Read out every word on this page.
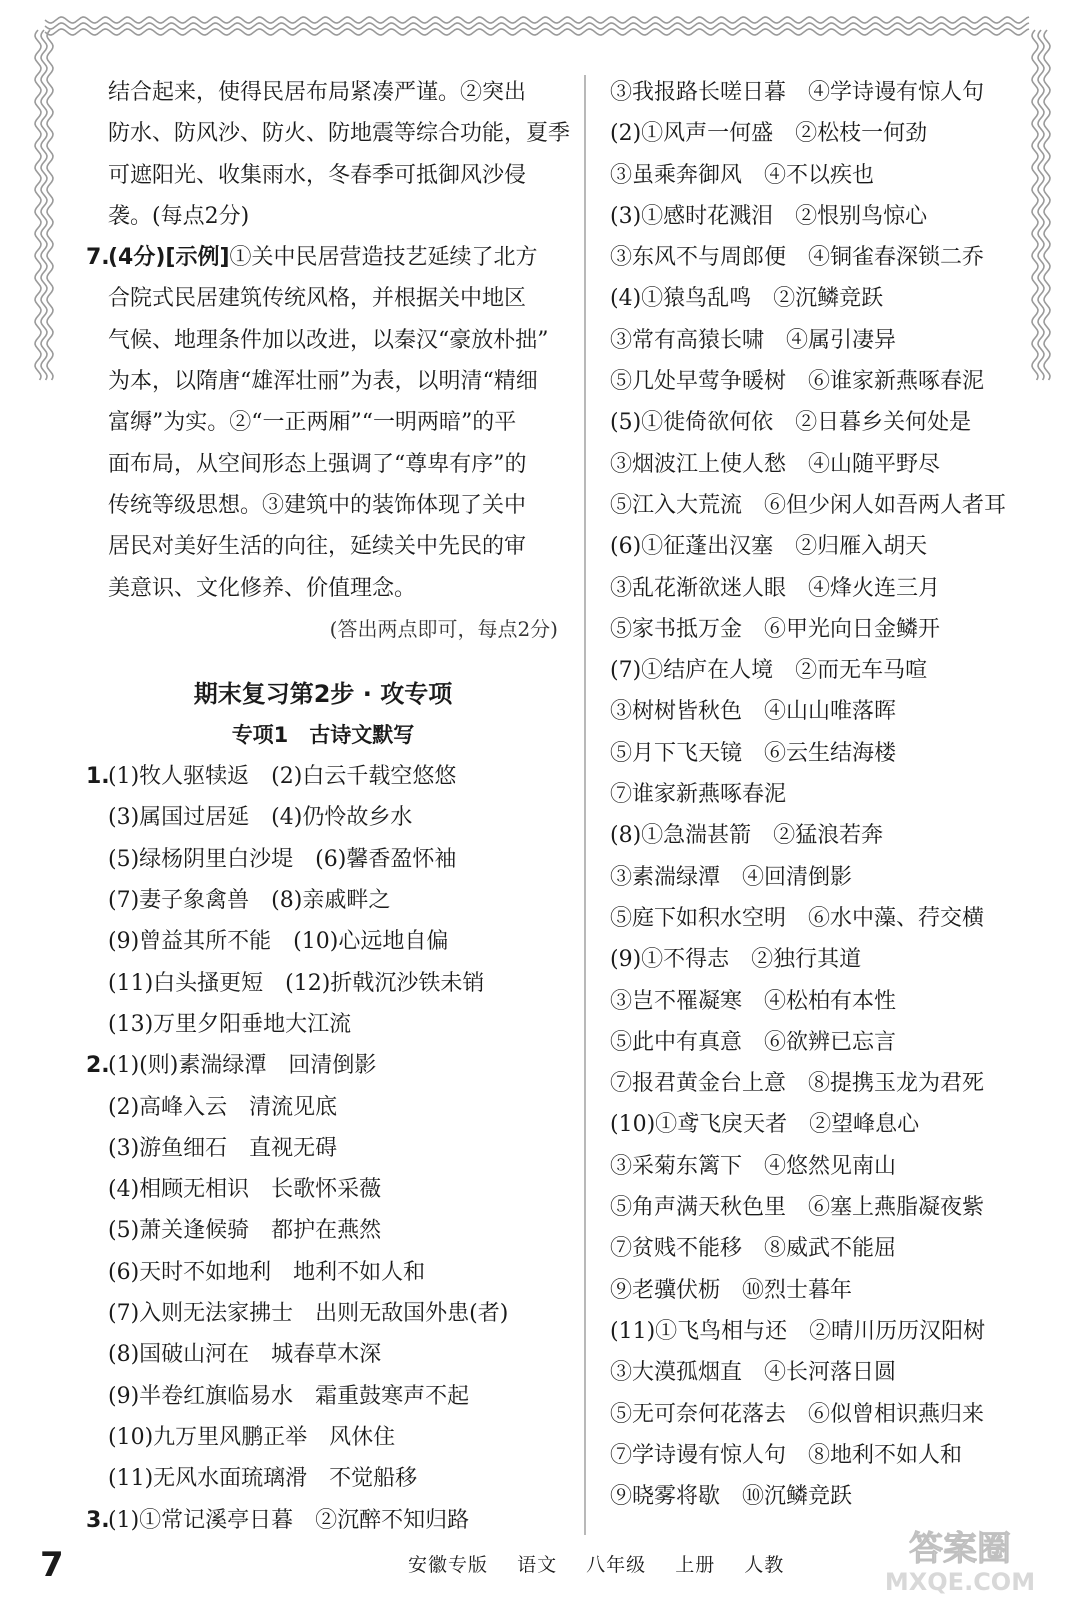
结合起来，使得民居布局紧凑严谨。②突出
防水、防风沙、防火、防地震等综合功能，夏季
可遮阳光、收集雨水，冬春季可抵御风沙侵
袭。(每点2分)
7.(4分)[示例]①关中民居营造技艺延续了北方
合院式民居建筑传统风格，并根据关中地区
气候、地理条件加以改进，以秦汉“豪放朴拙”
为本，以隋唐“雄浑壮丽”为表，以明清“精细
富缛”为实。②“一正两厢”“一明两暗”的平
面布局，从空间形态上强调了“尊卑有序”的
传统等级思想。③建筑中的装饰体现了关中
居民对美好生活的向往，延续关中先民的审
美意识、文化修养、价值理念。
(答出两点即可，每点2分)
期末复习第2步 · 攻专项
专项1　古诗文默写
1.(1)牧人驱犊返　(2)白云千载空悠悠
(3)属国过居延　(4)仍怜故乡水
(5)绿杨阴里白沙堤　(6)馨香盈怀袖
(7)妻子象禽兽　(8)亲戚畔之
(9)曾益其所不能　(10)心远地自偏
(11)白头搔更短　(12)折戟沉沙铁未销
(13)万里夕阳垂地大江流
2.(1)(则)素湍绿潭　回清倒影
(2)高峰入云　清流见底
(3)游鱼细石　直视无碍
(4)相顾无相识　长歌怀采薇
(5)萧关逢候骑　都护在燕然
(6)天时不如地利　地利不如人和
(7)入则无法家拂士　出则无敌国外患(者)
(8)国破山河在　城春草木深
(9)半卷红旗临易水　霜重鼓寒声不起
(10)九万里风鹏正举　风休住
(11)无风水面琉璃滑　不觉船移
3.(1)①常记溪亭日暮　②沉醉不知归路
③我报路长嗟日暮　④学诗谩有惊人句
(2)①风声一何盛　②松枝一何劲
③虽乘奔御风　④不以疾也
(3)①感时花溅泪　②恨别鸟惊心
③东风不与周郎便　④铜雀春深锁二乔
(4)①猿鸟乱鸣　②沉鳞竞跃
③常有高猿长啸　④属引凄异
⑤几处早莺争暖树　⑥谁家新燕啄春泥
(5)①徙倚欲何依　②日暮乡关何处是
③烟波江上使人愁　④山随平野尽
⑤江入大荒流　⑥但少闲人如吾两人者耳
(6)①征蓬出汉塞　②归雁入胡天
③乱花渐欲迷人眼　④烽火连三月
⑤家书抵万金　⑥甲光向日金鳞开
(7)①结庐在人境　②而无车马喧
③树树皆秋色　④山山唯落晖
⑤月下飞天镜　⑥云生结海楼
⑦谁家新燕啄春泥
(8)①急湍甚箭　②猛浪若奔
③素湍绿潭　④回清倒影
⑤庭下如积水空明　⑥水中藻、荇交横
(9)①不得志　②独行其道
③岂不罹凝寒　④松柏有本性
⑤此中有真意　⑥欲辨已忘言
⑦报君黄金台上意　⑧提携玉龙为君死
(10)①鸢飞戾天者　②望峰息心
③采菊东篱下　④悠然见南山
⑤角声满天秋色里　⑥塞上燕脂凝夜紫
⑦贫贱不能移　⑧威武不能屈
⑨老骥伏枥　⑩烈士暮年
(11)①飞鸟相与还　②晴川历历汉阳树
③大漠孤烟直　④长河落日圆
⑤无可奈何花落去　⑥似曾相识燕归来
⑦学诗谩有惊人句　⑧地利不如人和
⑨晓雾将歇　⑩沉鳞竞跃
7	安徽专版 语文 八年级 上册 人教	答案圈
MXQE.COM
